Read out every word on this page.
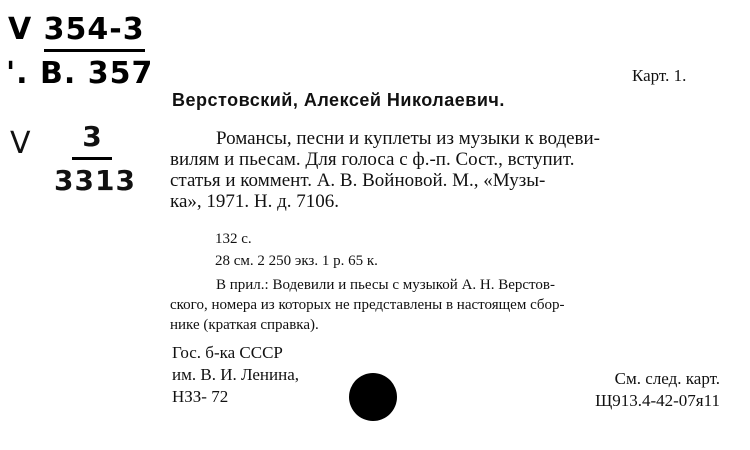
V 354-3
'. B. 357
V	3
3313
Карт. 1.
Верстовский, Алексей Николаевич.
Романсы, песни и куплеты из музыки к водеви-
вилям и пьесам. Для голоса с ф.-п. Сост., вступит.
статья и коммент. А. В. Войновой. М., «Музы-
ка», 1971. Н. д. 7106.
132 с.
28 см. 2 250 экз. 1 р. 65 к.
В прил.: Водевили и пьесы с музыкой А. Н. Верстов-
ского, номера из которых не представлены в настоящем сбор-
нике (краткая справка).
Гос. б-ка СССР
им. В. И. Ленина,
НЗЗ- 72
См. след. карт.
Щ913.4-42-07я11
